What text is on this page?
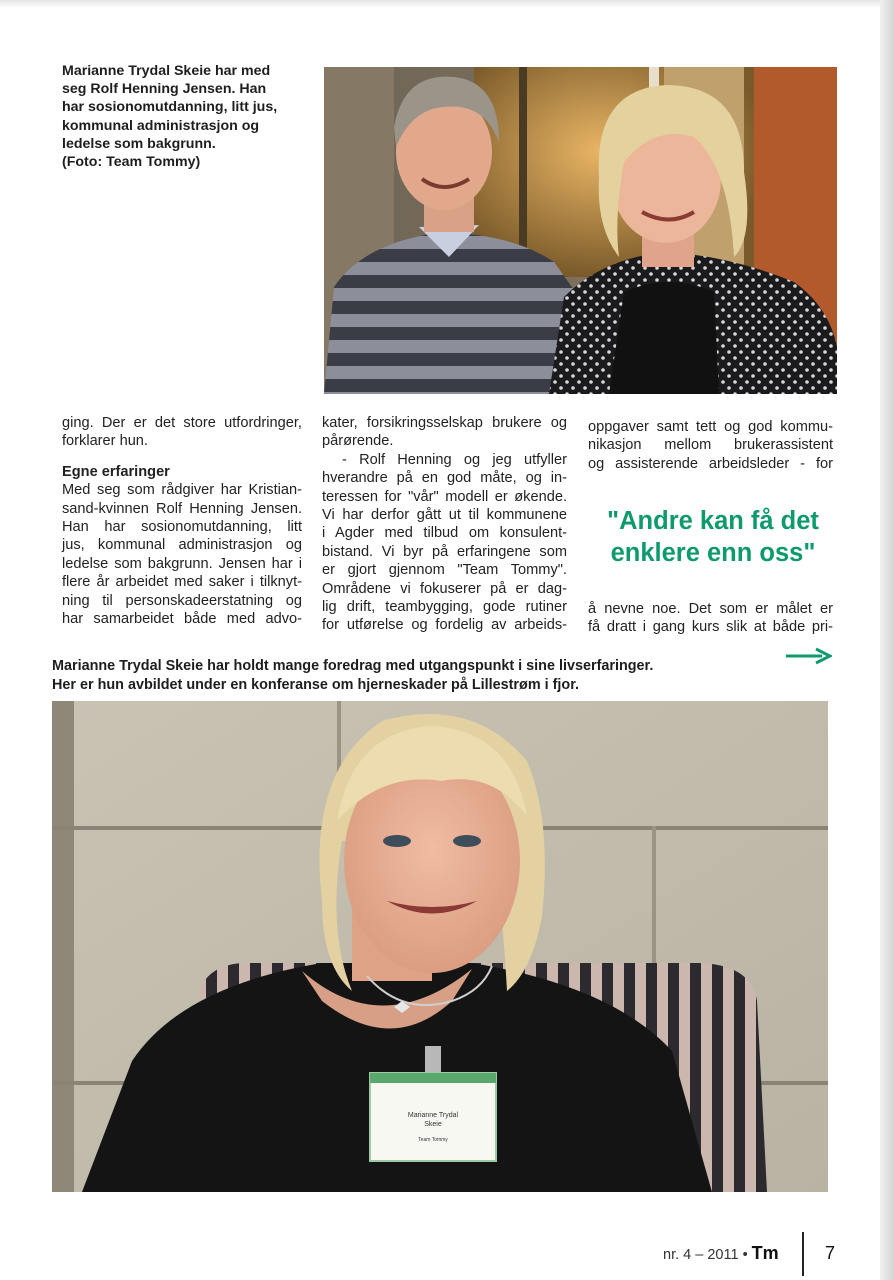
Marianne Trydal Skeie har med
seg Rolf Henning Jensen. Han
har sosionomutdanning, litt jus,
kommunal administrasjon og
ledelse som bakgrunn.
(Foto: Team Tommy)
ging. Der er det store utfordringer,
forklarer hun.
Egne erfaringer
Med seg som rådgiver har Kristian-
sand-kvinnen Rolf Henning Jensen.
Han har sosionomutdanning, litt
jus, kommunal administrasjon og
ledelse som bakgrunn. Jensen har i
flere år arbeidet med saker i tilknyt-
ning til personskadeerstatning og
har samarbeidet både med advo-
kater, forsikringsselskap brukere og
pårørende.
- Rolf Henning og jeg utfyller
hverandre på en god måte, og in-
teressen for "vår" modell er økende.
Vi har derfor gått ut til kommunene
i Agder med tilbud om konsulent-
bistand. Vi byr på erfaringene som
er gjort gjennom "Team Tommy".
Områdene vi fokuserer på er dag-
lig drift, teambygging, gode rutiner
for utførelse og fordelig av arbeids-
oppgaver samt tett og god kommu-
nikasjon mellom brukerassistent
og assisterende arbeidsleder - for
"Andre kan få det
enklere enn oss"
å nevne noe. Det som er målet er
få dratt i gang kurs slik at både pri-
Marianne Trydal Skeie har holdt mange foredrag med utgangspunkt i sine livserfaringer.
Her er hun avbildet under en konferanse om hjerneskader på Lillestrøm i fjor.
Marianne Trydal
Skeie
Team Tommy
nr. 4 – 2011 • Tm	7
